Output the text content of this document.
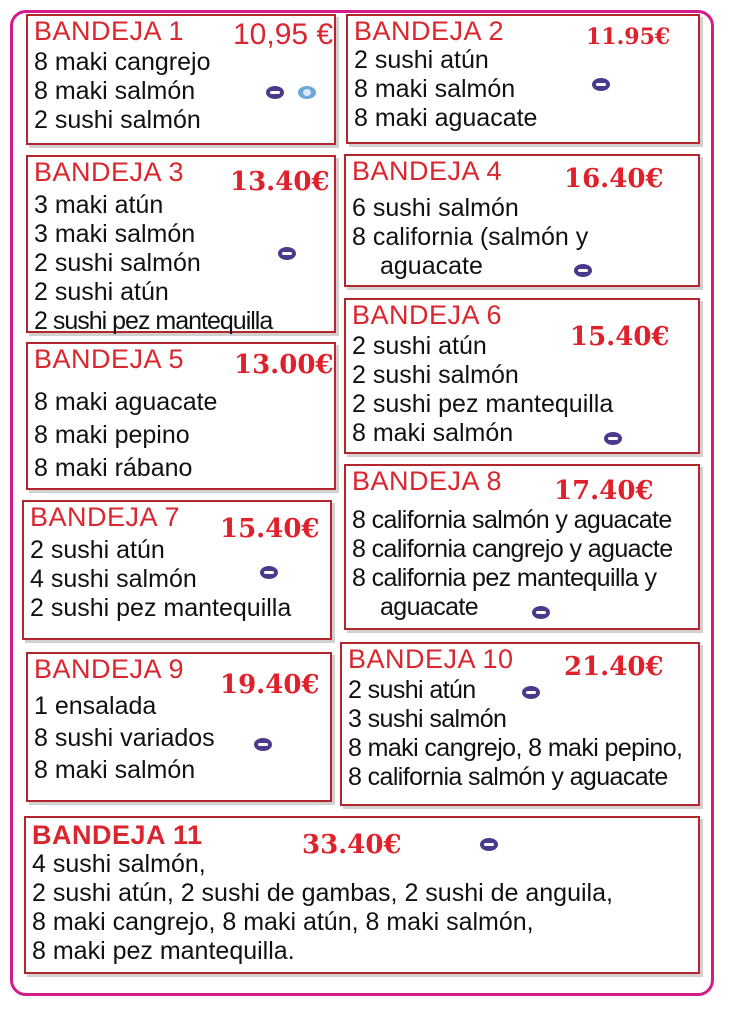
BANDEJA 1 10,95 €
8 maki cangrejo
8 maki salmón
2 sushi salmón
BANDEJA 2	11.95€
2 sushi atún
8 maki salmón
8 maki aguacate
BANDEJA 3 13.40€
3 maki atún
3 maki salmón
2 sushi salmón
2 sushi atún
2 sushi pez mantequilla
BANDEJA 4 16.40€
6 sushi salmón
8 california (salmón y
aguacate
BANDEJA 5 13.00€
8 maki aguacate
8 maki pepino
8 maki rábano
BANDEJA 6
15.40€
2 sushi atún
2 sushi salmón
2 sushi pez mantequilla
8 maki salmón
BANDEJA 7 15.40€
2 sushi atún
4 sushi salmón
2 sushi pez mantequilla
BANDEJA 8 17.40€
8 california salmón y aguacate
8 california cangrejo y aguacte
8 california pez mantequilla y
aguacate
BANDEJA 9
19.40€
1 ensalada
8 sushi variados
8 maki salmón
BANDEJA 10 21.40€
2 sushi atún
3 sushi salmón
8 maki cangrejo, 8 maki pepino,
8 california salmón y aguacate
BANDEJA 11	33.40€
4 sushi salmón,
2 sushi atún, 2 sushi de gambas, 2 sushi de anguila,
8 maki cangrejo, 8 maki atún, 8 maki salmón,
8 maki pez mantequilla.
